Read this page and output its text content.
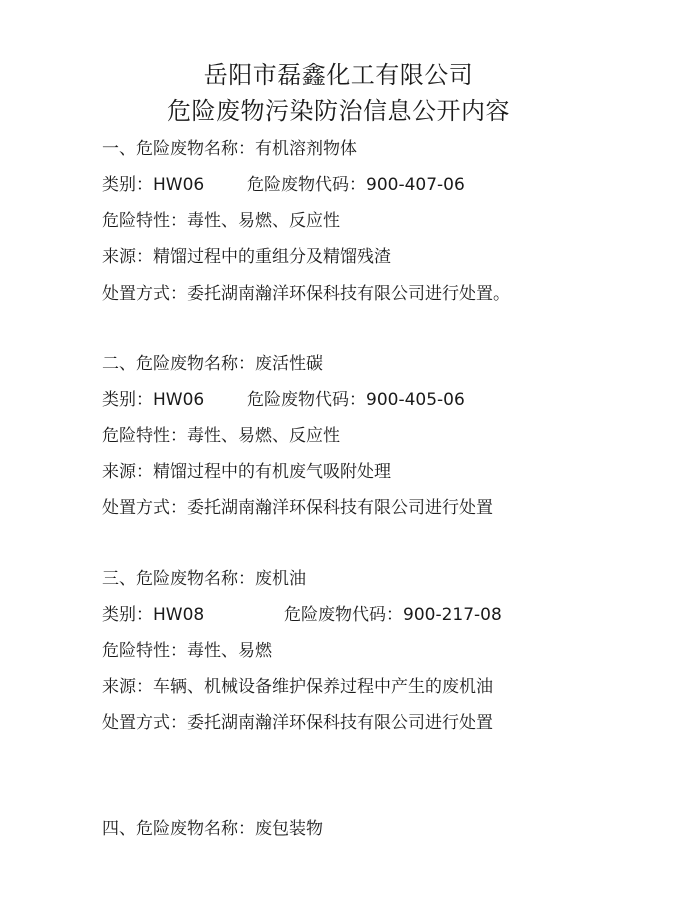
岳阳市磊鑫化工有限公司
危险废物污染防治信息公开内容
一、危险废物名称：有机溶剂物体
类别：HW06	危险废物代码：900-407-06
危险特性：毒性、易燃、反应性
来源：精馏过程中的重组分及精馏残渣
处置方式：委托湖南瀚洋环保科技有限公司进行处置。
二、危险废物名称：废活性碳
类别：HW06	危险废物代码：900-405-06
危险特性：毒性、易燃、反应性
来源：精馏过程中的有机废气吸附处理
处置方式：委托湖南瀚洋环保科技有限公司进行处置
三、危险废物名称：废机油
类别：HW08	危险废物代码：900-217-08
危险特性：毒性、易燃
来源：车辆、机械设备维护保养过程中产生的废机油
处置方式：委托湖南瀚洋环保科技有限公司进行处置
四、危险废物名称：废包装物
